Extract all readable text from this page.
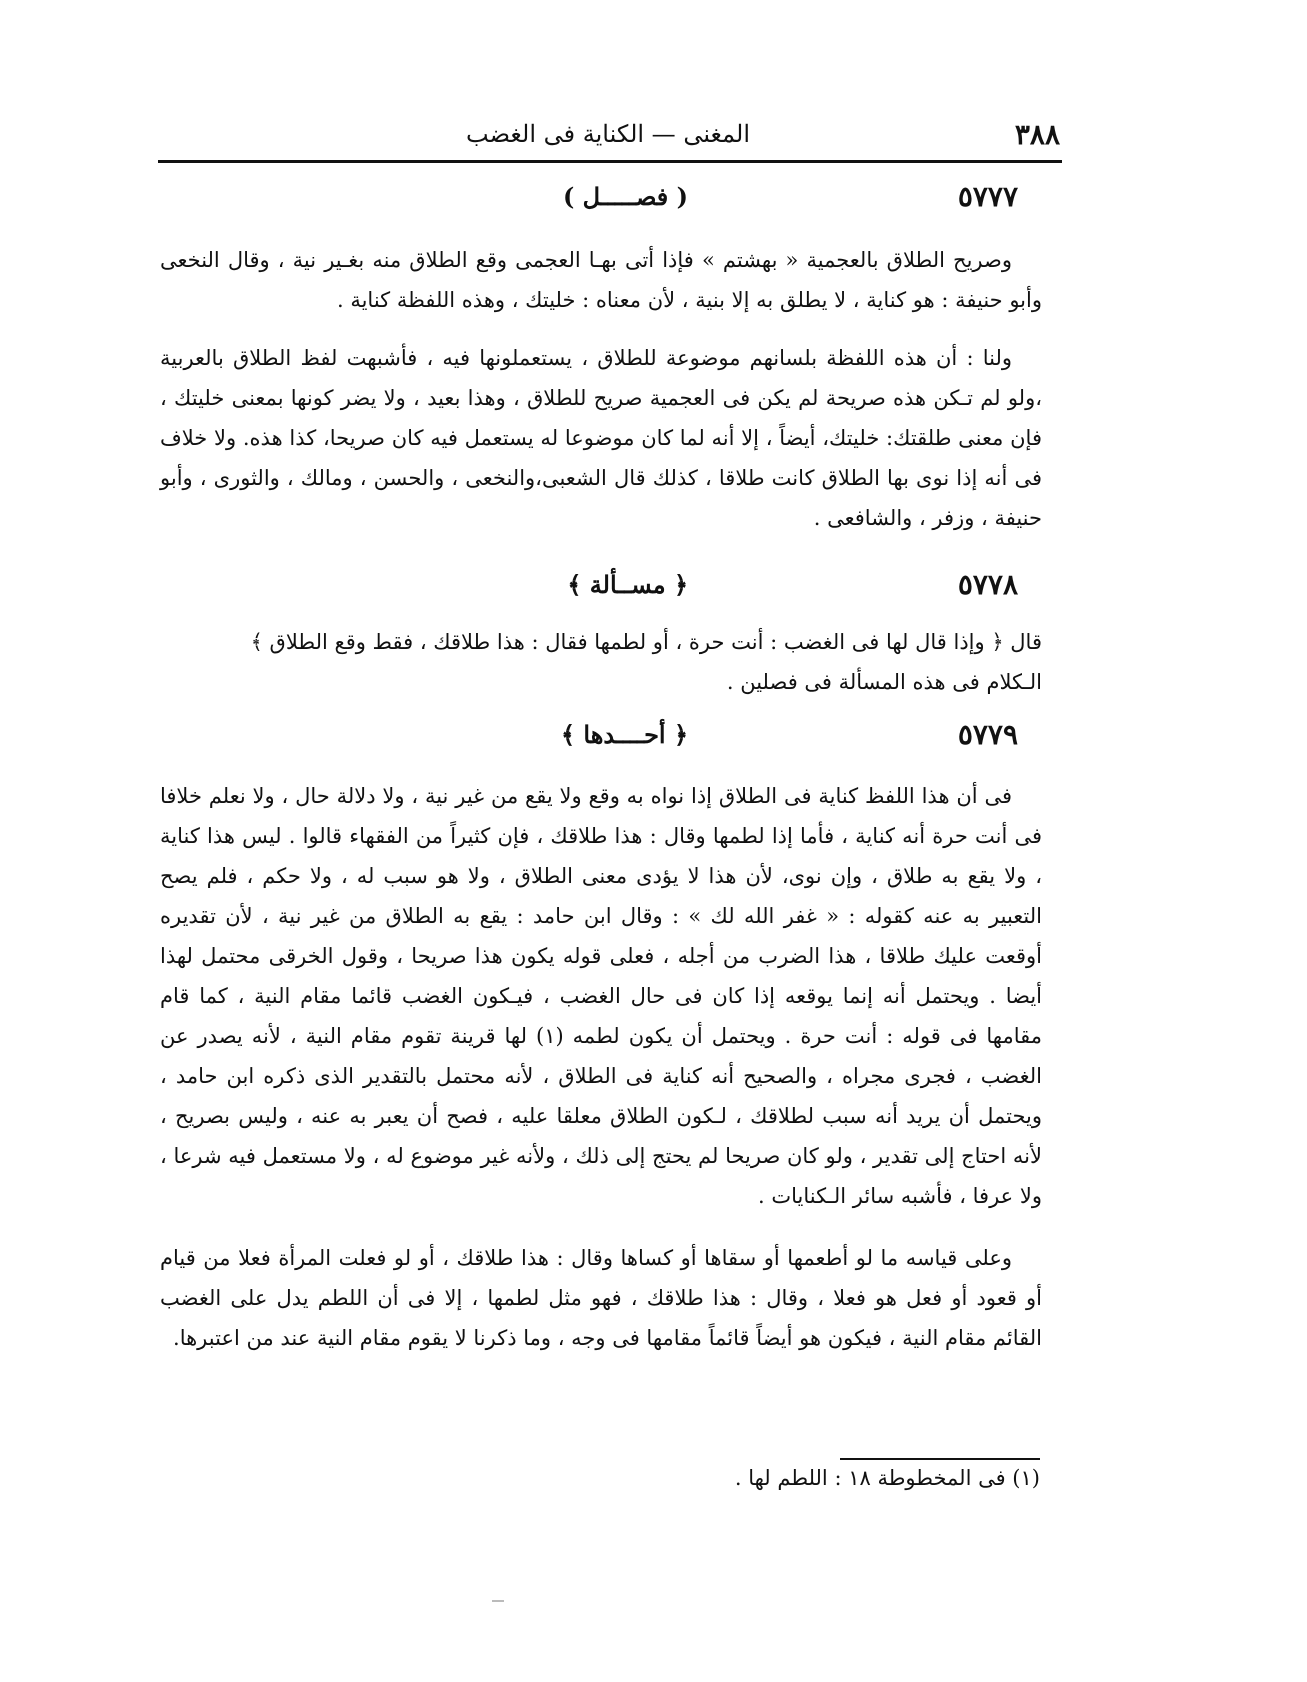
٣٨٨
المغنى — الكناية فى الغضب
٥٧٧٧
( فصـــــل )

وصريح الطلاق بالعجمية « بهشتم » فإذا أتى بهـا العجمى وقع الطلاق منه بغـير نية ، وقال النخعى وأبو حنيفة : هو كناية ، لا يطلق به إلا بنية ، لأن معناه : خليتك ، وهذه اللفظة كناية .

ولنا : أن هذه اللفظة بلسانهم موضوعة للطلاق ، يستعملونها فيه ، فأشبهت لفظ الطلاق بالعربية ،ولو لم تـكن هذه صريحة لم يكن فى العجمية صريح للطلاق ، وهذا بعيد ، ولا يضر كونها بمعنى خليتك ، فإن معنى طلقتك: خليتك، أيضاً ، إلا أنه لما كان موضوعا له يستعمل فيه كان صريحا، كذا هذه. ولا خلاف فى أنه إذا نوى بها الطلاق كانت طلاقا ، كذلك قال الشعبى،والنخعى ، والحسن ، ومالك ، والثورى ، وأبو حنيفة ، وزفر ، والشافعى .

٥٧٧٨
﴿ مســألة ﴾

قال ﴿ وإذا قال لها فى الغضب : أنت حرة ، أو لطمها فقال : هذا طلاقك ، فقط وقع الطلاق ﴾

الـكلام فى هذه المسألة فى فصلين .

٥٧٧٩
﴿ أحــــدها ﴾

فى أن هذا اللفظ كناية فى الطلاق إذا نواه به وقع ولا يقع من غير نية ، ولا دلالة حال ، ولا نعلم خلافا فى أنت حرة أنه كناية ، فأما إذا لطمها وقال : هذا طلاقك ، فإن كثيراً من الفقهاء قالوا . ليس هذا كناية ، ولا يقع به طلاق ، وإن نوى، لأن هذا لا يؤدى معنى الطلاق ، ولا هو سبب له ، ولا حكم ، فلم يصح التعبير به عنه كقوله : « غفر الله لك » : وقال ابن حامد : يقع به الطلاق من غير نية ، لأن تقديره أوقعت عليك طلاقا ، هذا الضرب من أجله ، فعلى قوله يكون هذا صريحا ، وقول الخرقى محتمل لهذا أيضا . ويحتمل أنه إنما يوقعه إذا كان فى حال الغضب ، فيـكون الغضب قائما مقام النية ، كما قام مقامها فى قوله : أنت حرة . ويحتمل أن يكون لطمه (١) لها قرينة تقوم مقام النية ، لأنه يصدر عن الغضب ، فجرى مجراه ، والصحيح أنه كناية فى الطلاق ، لأنه محتمل بالتقدير الذى ذكره ابن حامد ، ويحتمل أن يريد أنه سبب لطلاقك ، لـكون الطلاق معلقا عليه ، فصح أن يعبر به عنه ، وليس بصريح ، لأنه احتاج إلى تقدير ، ولو كان صريحا لم يحتج إلى ذلك ، ولأنه غير موضوع له ، ولا مستعمل فيه شرعا ، ولا عرفا ، فأشبه سائر الـكنايات .

وعلى قياسه ما لو أطعمها أو سقاها أو كساها وقال : هذا طلاقك ، أو لو فعلت المرأة فعلا من قيام أو قعود أو فعل هو فعلا ، وقال : هذا طلاقك ، فهو مثل لطمها ، إلا فى أن اللطم يدل على الغضب القائم مقام النية ، فيكون هو أيضاً قائماً مقامها فى وجه ، وما ذكرنا لا يقوم مقام النية عند من اعتبرها.

(١) فى المخطوطة ١٨ : اللطم لها .
